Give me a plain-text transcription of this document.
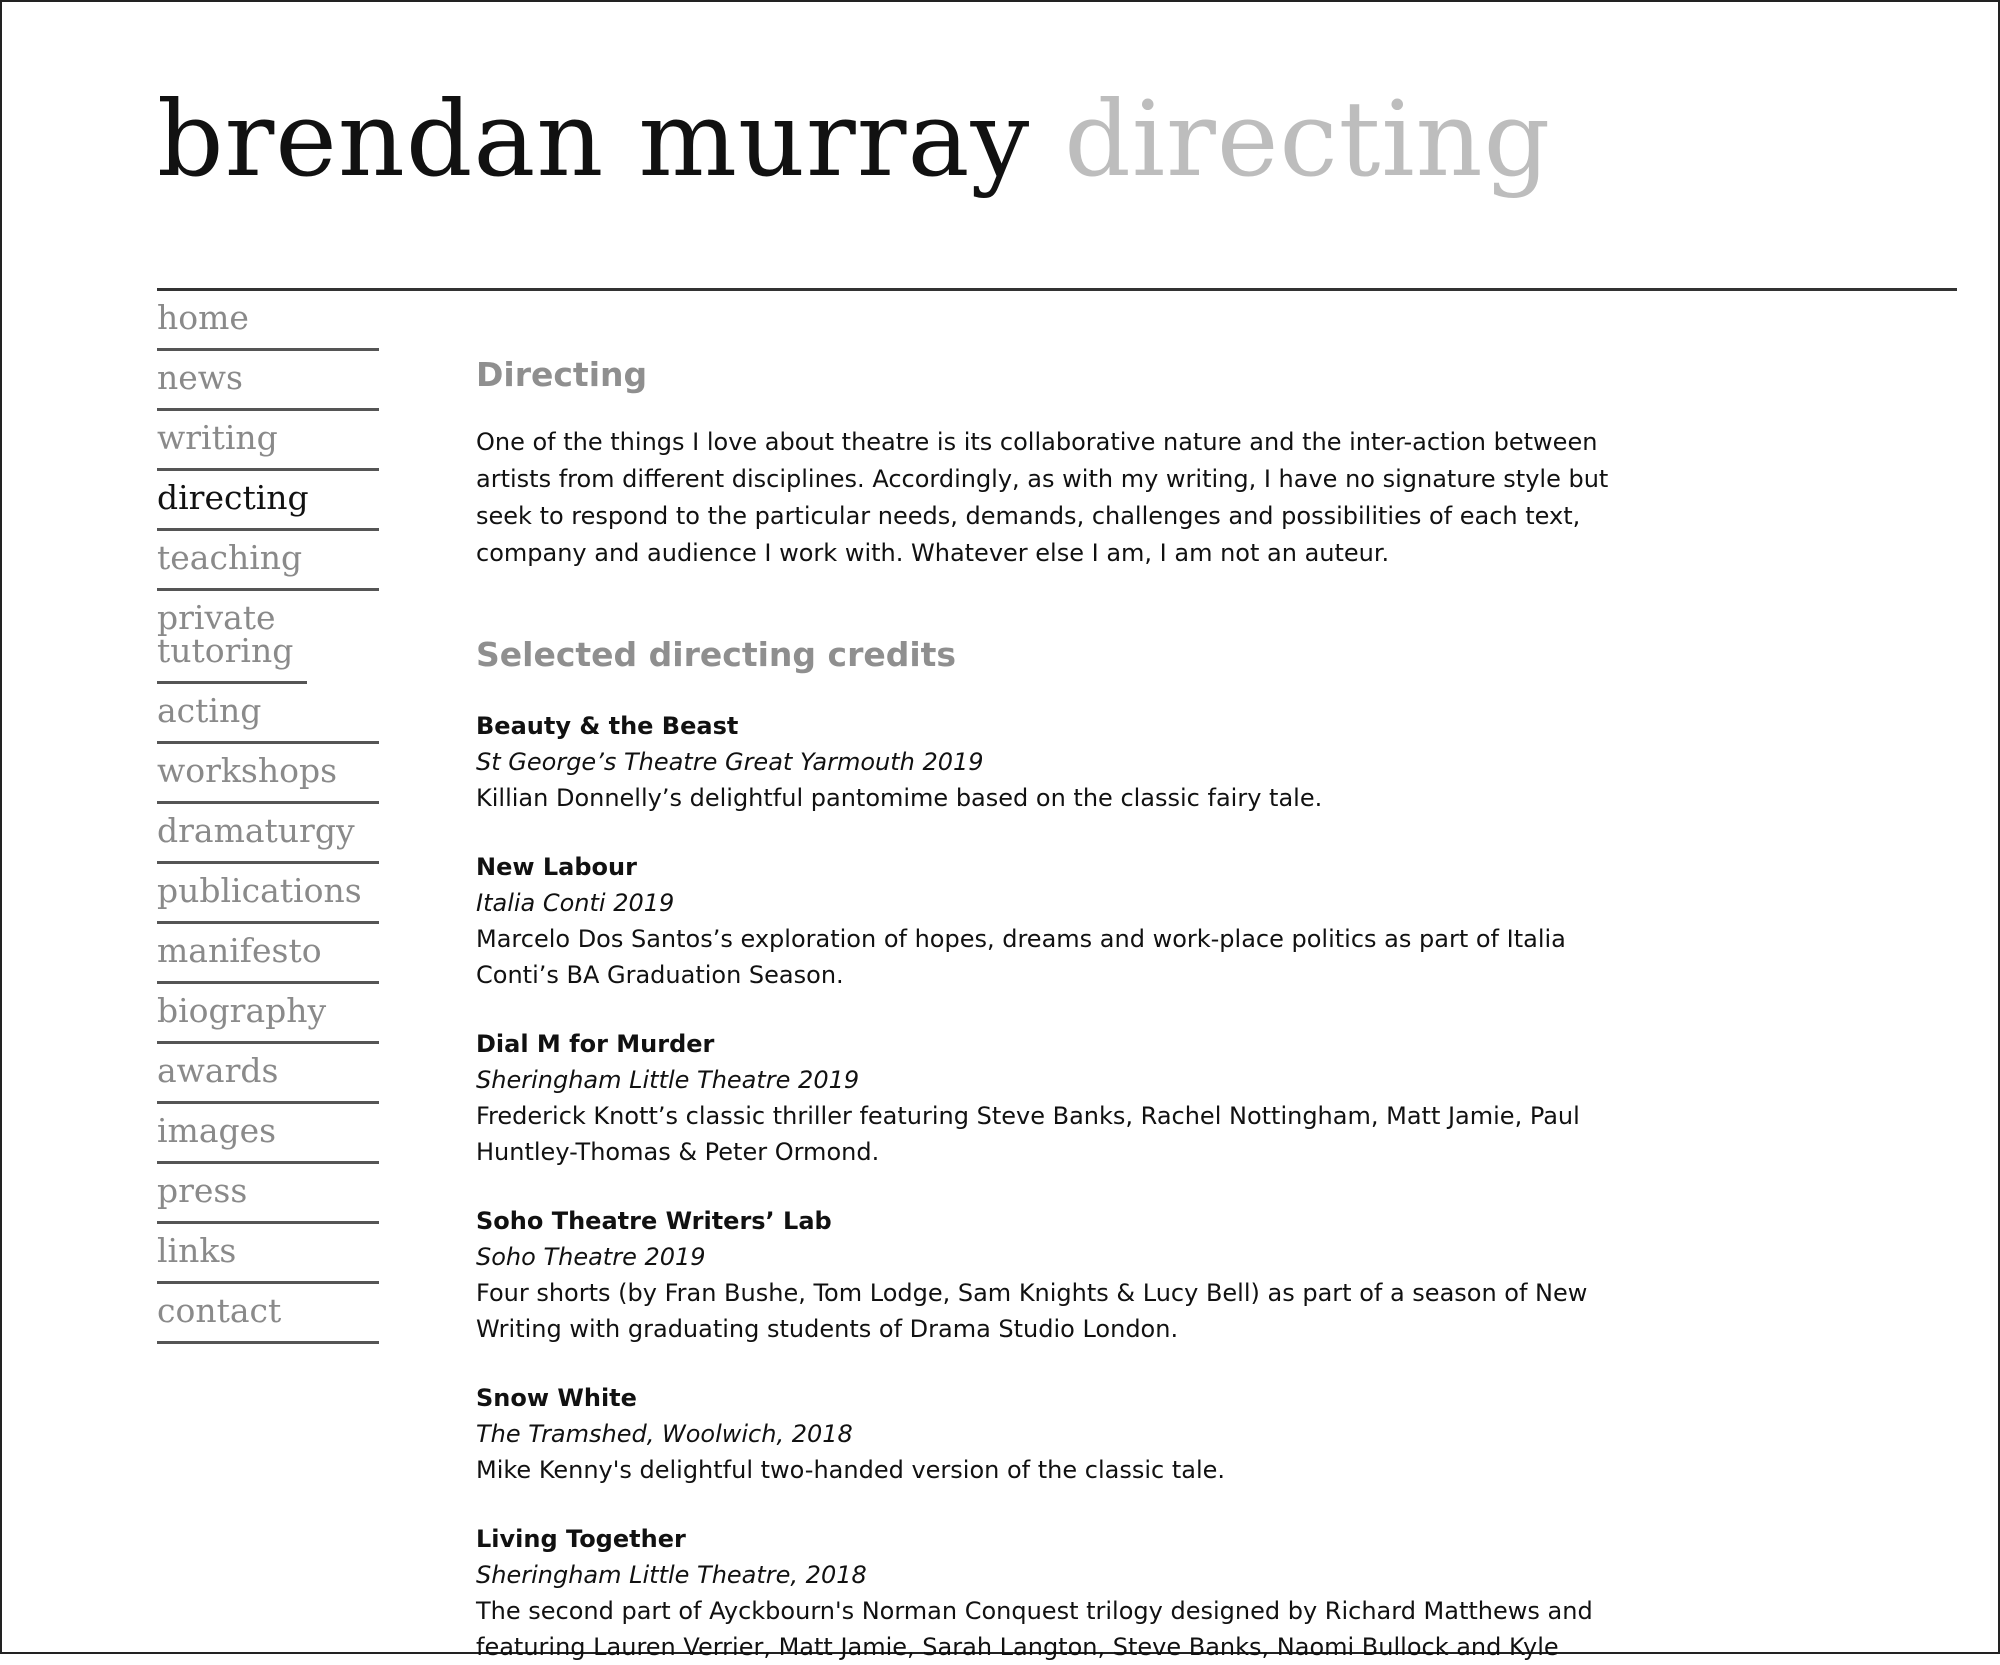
brendan murray directing
home
news
writing
directing
teaching
private tutoring
acting
workshops
dramaturgy
publications
manifesto
biography
awards
images
press
links
contact
Directing

One of the things I love about theatre is its collaborative nature and the inter-action between artists from different disciplines. Accordingly, as with my writing, I have no signature style but seek to respond to the particular needs, demands, challenges and possibilities of each text, company and audience I work with. Whatever else I am, I am not an auteur.

Selected directing credits
Beauty & the Beast
St George’s Theatre Great Yarmouth 2019
Killian Donnelly’s delightful pantomime based on the classic fairy tale.
New Labour
Italia Conti 2019
Marcelo Dos Santos’s exploration of hopes, dreams and work-place politics as part of Italia Conti’s BA Graduation Season.
Dial M for Murder
Sheringham Little Theatre 2019
Frederick Knott’s classic thriller featuring Steve Banks, Rachel Nottingham, Matt Jamie, Paul Huntley-Thomas & Peter Ormond.
Soho Theatre Writers’ Lab
Soho Theatre 2019
Four shorts (by Fran Bushe, Tom Lodge, Sam Knights & Lucy Bell) as part of a season of New Writing with graduating students of Drama Studio London.
Snow White
The Tramshed, Woolwich, 2018
Mike Kenny's delightful two-handed version of the classic tale.
Living Together
Sheringham Little Theatre, 2018
The second part of Ayckbourn's Norman Conquest trilogy designed by Richard Matthews and featuring Lauren Verrier, Matt Jamie, Sarah Langton, Steve Banks, Naomi Bullock and Kyle
